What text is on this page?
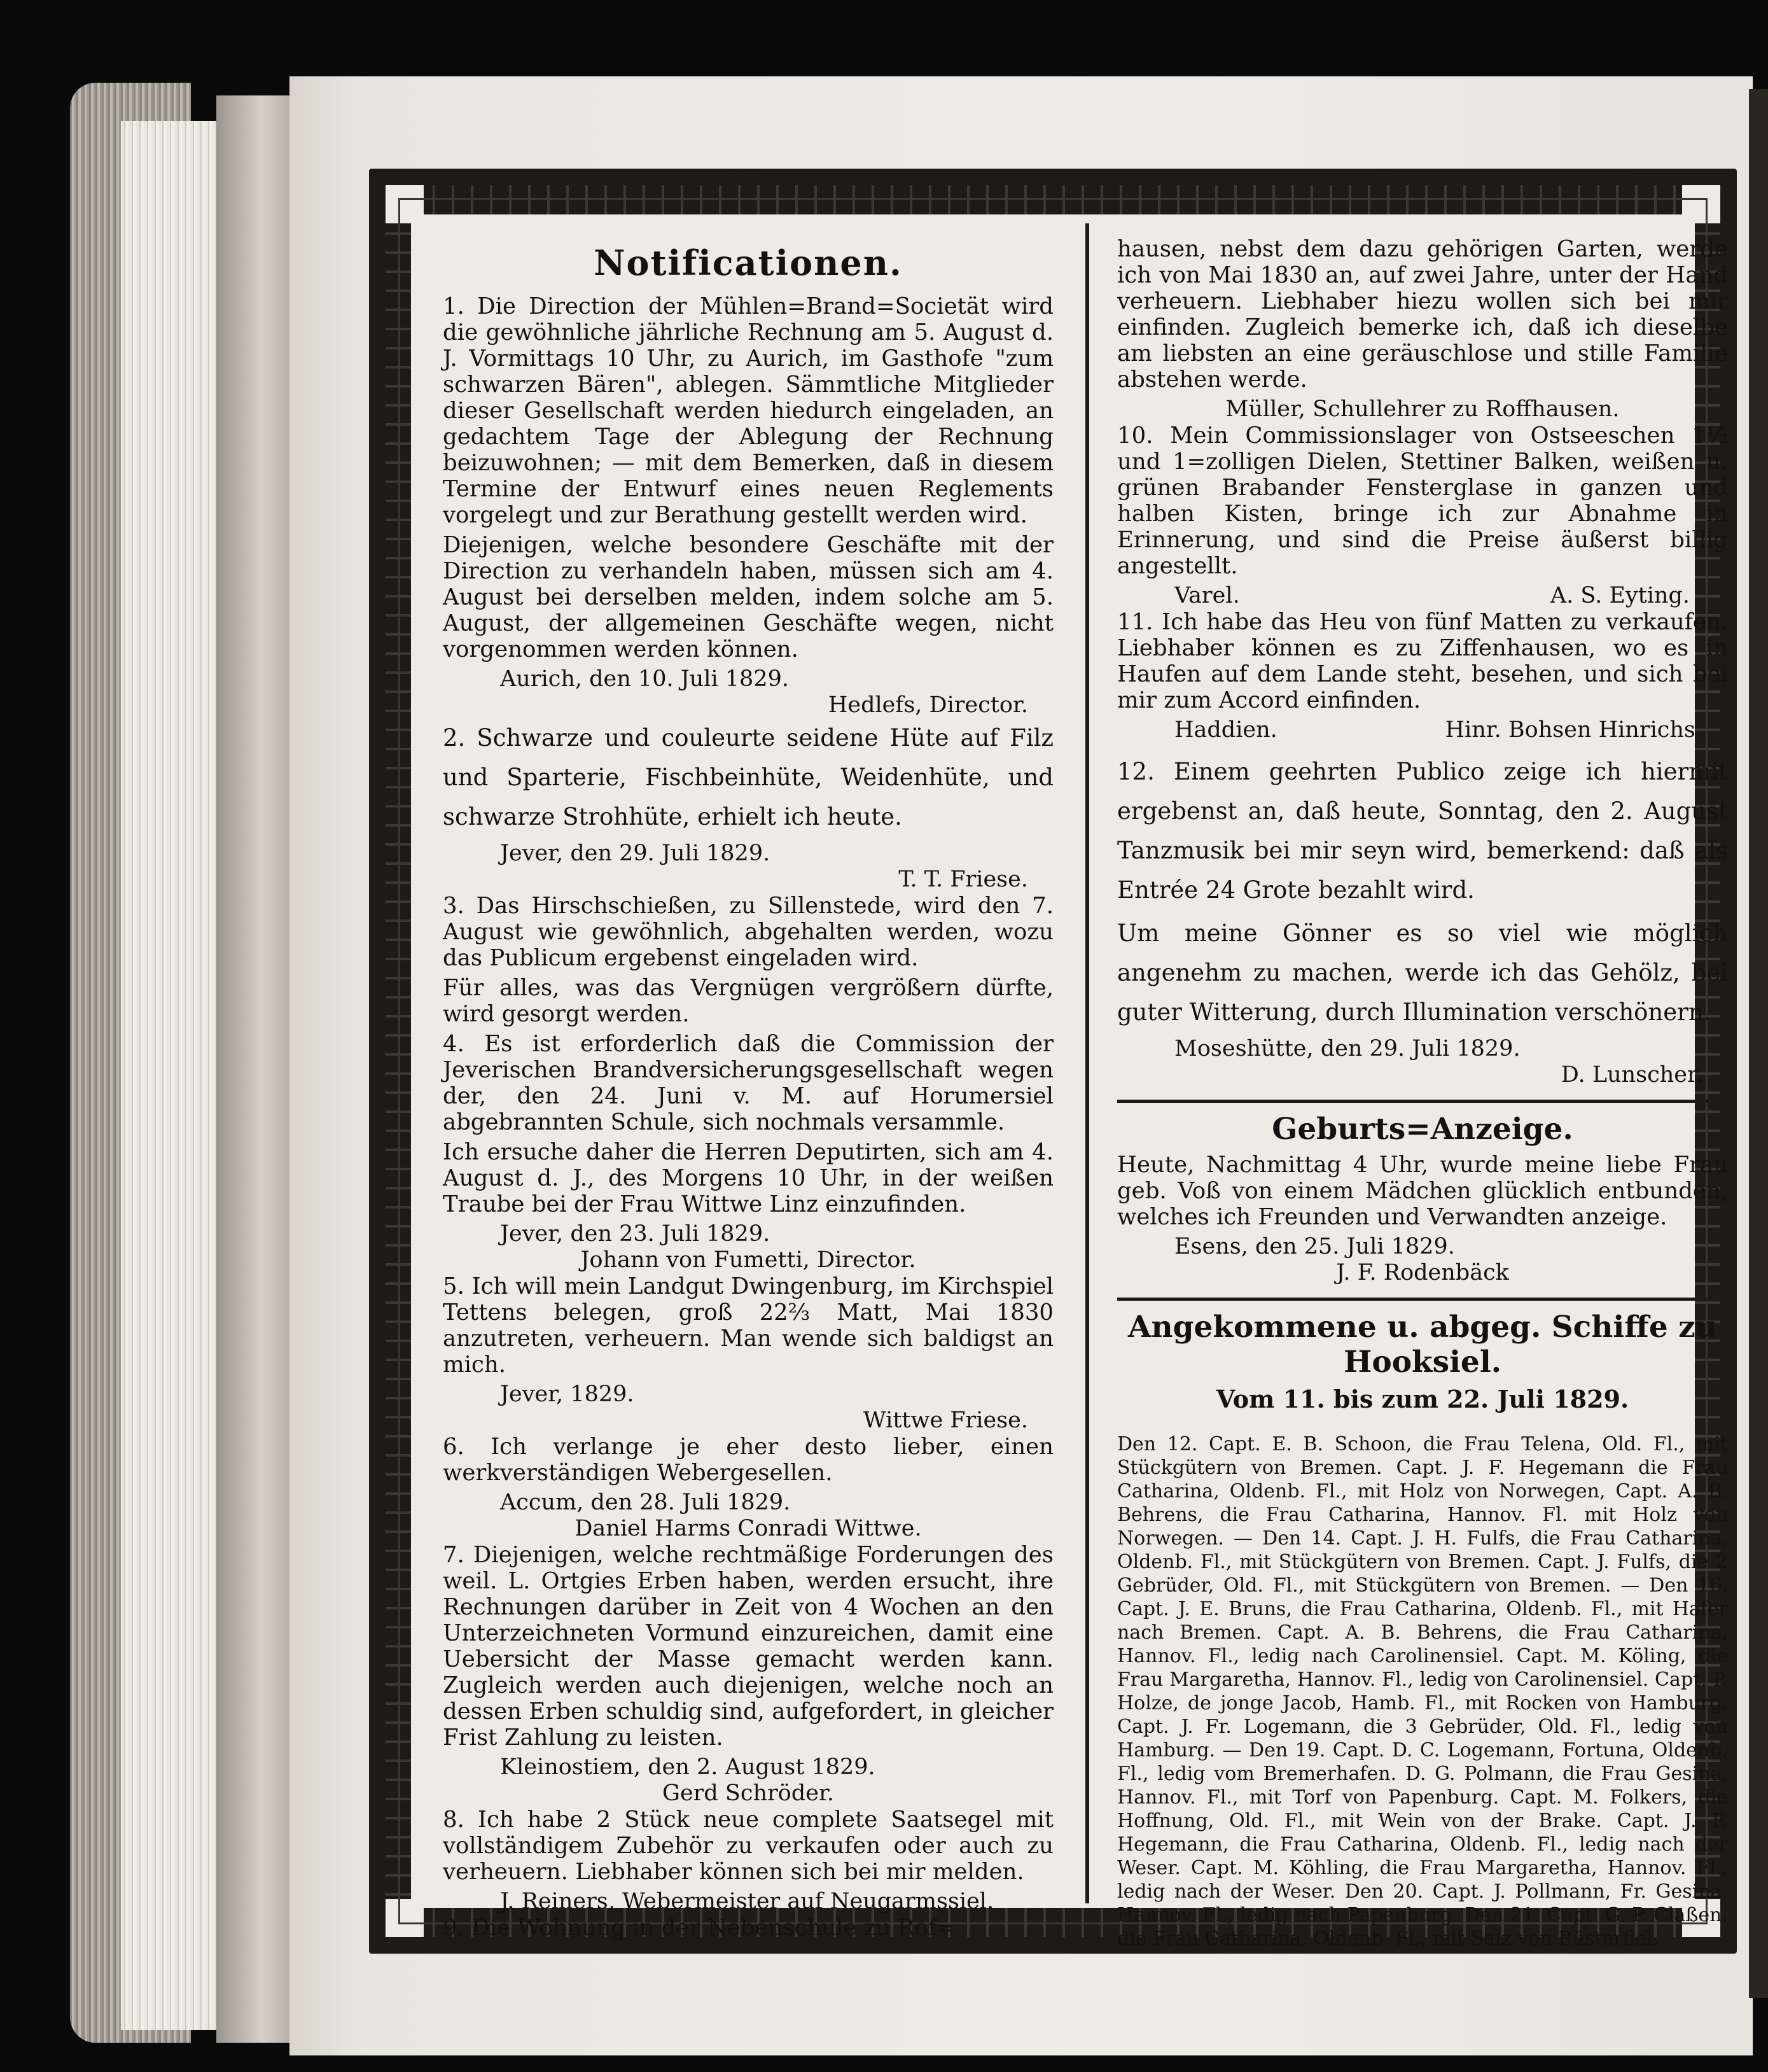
Notificationen.

1. Die Direction der Mühlen=Brand=Societät wird die gewöhnliche jährliche Rechnung am 5. August d. J. Vormittags 10 Uhr, zu Aurich, im Gasthofe "zum schwarzen Bären", ablegen. Sämmtliche Mitglieder dieser Gesellschaft werden hiedurch eingeladen, an gedachtem Tage der Ablegung der Rechnung beizuwohnen; — mit dem Bemerken, daß in diesem Termine der Entwurf eines neuen Reglements vorgelegt und zur Berathung gestellt werden wird.

Diejenigen, welche besondere Geschäfte mit der Direction zu verhandeln haben, müssen sich am 4. August bei derselben melden, indem solche am 5. August, der allgemeinen Geschäfte wegen, nicht vorgenommen werden können.

Aurich, den 10. Juli 1829.
Hedlefs, Director.

2. Schwarze und couleurte seidene Hüte auf Filz und Sparterie, Fischbeinhüte, Weidenhüte, und schwarze Strohhüte, erhielt ich heute.

Jever, den 29. Juli 1829.
T. T. Friese.

3. Das Hirschschießen, zu Sillenstede, wird den 7. August wie gewöhnlich, abgehalten werden, wozu das Publicum ergebenst eingeladen wird.

Für alles, was das Vergnügen vergrößern dürfte, wird gesorgt werden.

4. Es ist erforderlich daß die Commission der Jeverischen Brandversicherungsgesellschaft wegen der, den 24. Juni v. M. auf Horumersiel abgebrannten Schule, sich nochmals versammle.

Ich ersuche daher die Herren Deputirten, sich am 4. August d. J., des Morgens 10 Uhr, in der weißen Traube bei der Frau Wittwe Linz einzufinden.

Jever, den 23. Juli 1829.
Johann von Fumetti, Director.

5. Ich will mein Landgut Dwingenburg, im Kirchspiel Tettens belegen, groß 22⅔ Matt, Mai 1830 anzutreten, verheuern. Man wende sich baldigst an mich.

Jever, 1829.
Wittwe Friese.

6. Ich verlange je eher desto lieber, einen werkverständigen Webergesellen.

Accum, den 28. Juli 1829.
Daniel Harms Conradi Wittwe.

7. Diejenigen, welche rechtmäßige Forderungen des weil. L. Ortgies Erben haben, werden ersucht, ihre Rechnungen darüber in Zeit von 4 Wochen an den Unterzeichneten Vormund einzureichen, damit eine Uebersicht der Masse gemacht werden kann. Zugleich werden auch diejenigen, welche noch an dessen Erben schuldig sind, aufgefordert, in gleicher Frist Zahlung zu leisten.

Kleinostiem, den 2. August 1829.
Gerd Schröder.

8. Ich habe 2 Stück neue complete Saatsegel mit vollständigem Zubehör zu verkaufen oder auch zu verheuern. Liebhaber können sich bei mir melden.

J. Reiners, Webermeister auf Neugarmssiel.

9. Die Wohnung in der Nebenschule zu Rof=

hausen, nebst dem dazu gehörigen Garten, werde ich von Mai 1830 an, auf zwei Jahre, unter der Hand verheuern. Liebhaber hiezu wollen sich bei mir einfinden. Zugleich bemerke ich, daß ich dieselbe am liebsten an eine geräuschlose und stille Familie abstehen werde.

Müller, Schullehrer zu Roffhausen.

10. Mein Commissionslager von Ostseeschen 1½ und 1=zolligen Dielen, Stettiner Balken, weißen u. grünen Brabander Fensterglase in ganzen und halben Kisten, bringe ich zur Abnahme in Erinnerung, und sind die Preise äußerst billig angestellt.

Varel.	A. S. Eyting.

11. Ich habe das Heu von fünf Matten zu verkaufen. Liebhaber können es zu Ziffenhausen, wo es in Haufen auf dem Lande steht, besehen, und sich bei mir zum Accord einfinden.

Haddien.	Hinr. Bohsen Hinrichs.

12. Einem geehrten Publico zeige ich hiermit ergebenst an, daß heute, Sonntag, den 2. August Tanzmusik bei mir seyn wird, bemerkend: daß als Entrée 24 Grote bezahlt wird.

Um meine Gönner es so viel wie möglich angenehm zu machen, werde ich das Gehölz, bei guter Witterung, durch Illumination verschönern.

Moseshütte, den 29. Juli 1829.
D. Lunscher.
Geburts=Anzeige.

Heute, Nachmittag 4 Uhr, wurde meine liebe Frau geb. Voß von einem Mädchen glücklich entbunden, welches ich Freunden und Verwandten anzeige.

Esens, den 25. Juli 1829.
J. F. Rodenbäck
Angekommene u. abgeg. Schiffe zu Hooksiel.
Vom 11. bis zum 22. Juli 1829.

Den 12. Capt. E. B. Schoon, die Frau Telena, Old. Fl., mit Stückgütern von Bremen. Capt. J. F. Hegemann die Frau Catharina, Oldenb. Fl., mit Holz von Norwegen, Capt. A. B. Behrens, die Frau Catharina, Hannov. Fl. mit Holz von Norwegen. — Den 14. Capt. J. H. Fulfs, die Frau Catharina, Oldenb. Fl., mit Stückgütern von Bremen. Capt. J. Fulfs, die 2 Gebrüder, Old. Fl., mit Stückgütern von Bremen. — Den 16. Capt. J. E. Bruns, die Frau Catharina, Oldenb. Fl., mit Hafer nach Bremen. Capt. A. B. Behrens, die Frau Catharina, Hannov. Fl., ledig nach Carolinensiel. Capt. M. Köling, die Frau Margaretha, Hannov. Fl., ledig von Carolinensiel. Capt. P. Holze, de jonge Jacob, Hamb. Fl., mit Rocken von Hamburg. Capt. J. Fr. Logemann, die 3 Gebrüder, Old. Fl., ledig von Hamburg. — Den 19. Capt. D. C. Logemann, Fortuna, Oldenb. Fl., ledig vom Bremerhafen. D. G. Polmann, die Frau Gesina, Hannov. Fl., mit Torf von Papenburg. Capt. M. Folkers, die Hoffnung, Old. Fl., mit Wein von der Brake. Capt. J. F. Hegemann, die Frau Catharina, Oldenb. Fl., ledig nach der Weser. Capt. M. Köhling, die Frau Margaretha, Hannov. Fl., ledig nach der Weser. Den 20. Capt. J. Pollmann, Fr. Gesina, Hannov. Fl., ledig nach Papenburg. Den 21. Capt. G. P. Claßen, die Frau Catharina, Oldenb. Fl., mit Salz von Rüsterfiel.
